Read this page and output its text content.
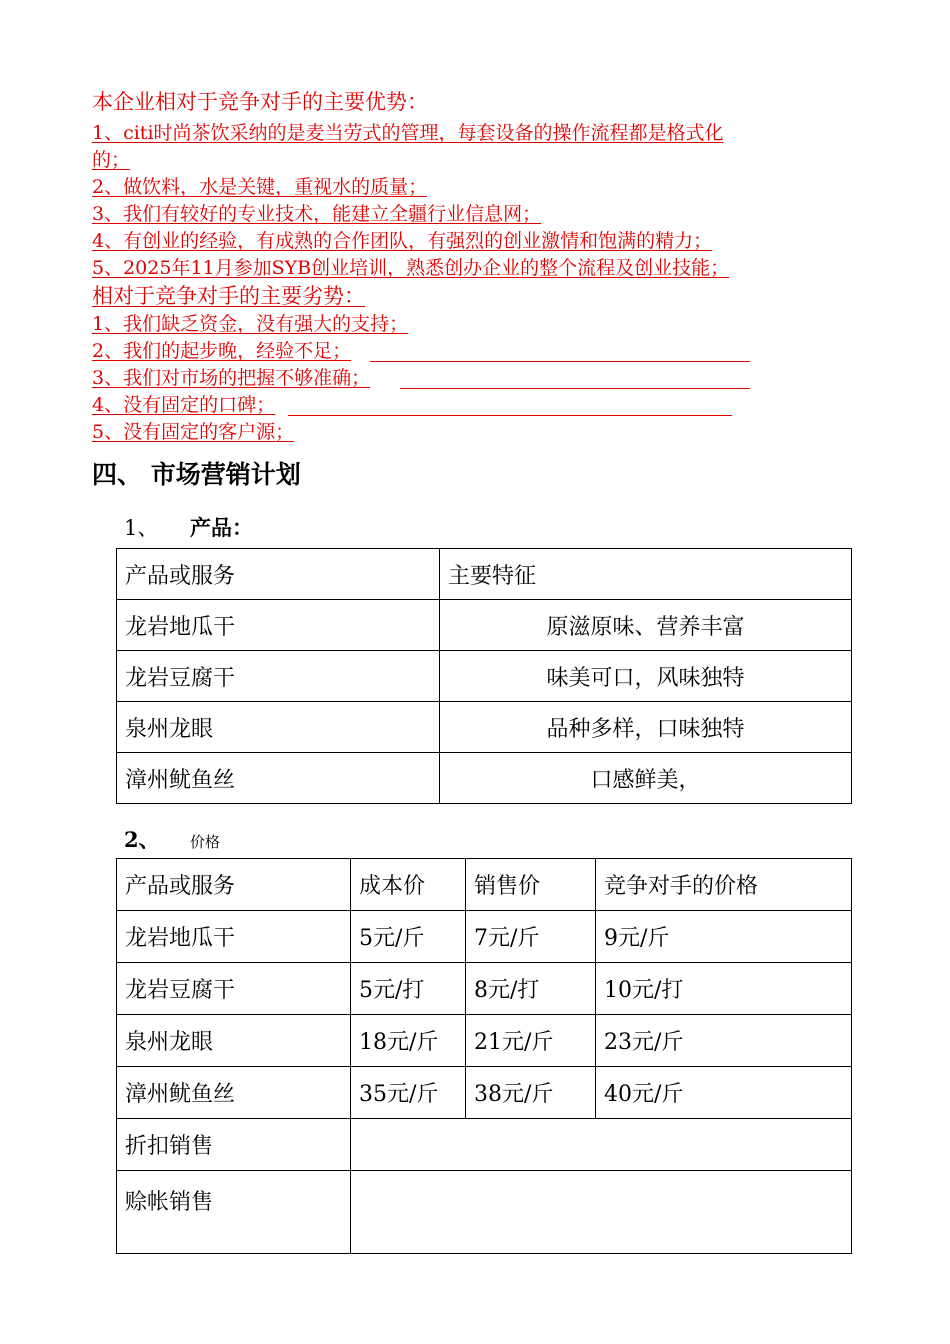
本企业相对于竞争对手的主要优势：
1、citi时尚茶饮采纳的是麦当劳式的管理，每套设备的操作流程都是格式化
的；
2、做饮料，水是关键，重视水的质量；
3、我们有较好的专业技术，能建立全疆行业信息网；
4、有创业的经验，有成熟的合作团队，有强烈的创业激情和饱满的精力；
5、2025年11月参加SYB创业培训，熟悉创办企业的整个流程及创业技能；
相对于竞争对手的主要劣势：
1、我们缺乏资金，没有强大的支持；
2、我们的起步晚，经验不足；
3、我们对市场的把握不够准确；
4、没有固定的口碑；
5、没有固定的客户源；
四、 市场营销计划
1、 产品：
产品或服务	主要特征
龙岩地瓜干	原滋原味、营养丰富
龙岩豆腐干	味美可口，风味独特
泉州龙眼	品种多样，口味独特
漳州鱿鱼丝	口感鲜美，
2、 价格
产品或服务	成本价	销售价	竞争对手的价格
龙岩地瓜干	5元/斤	7元/斤	9元/斤
龙岩豆腐干	5元/打	8元/打	10元/打
泉州龙眼	18元/斤	21元/斤	23元/斤
漳州鱿鱼丝	35元/斤	38元/斤	40元/斤
折扣销售			
赊帐销售			
